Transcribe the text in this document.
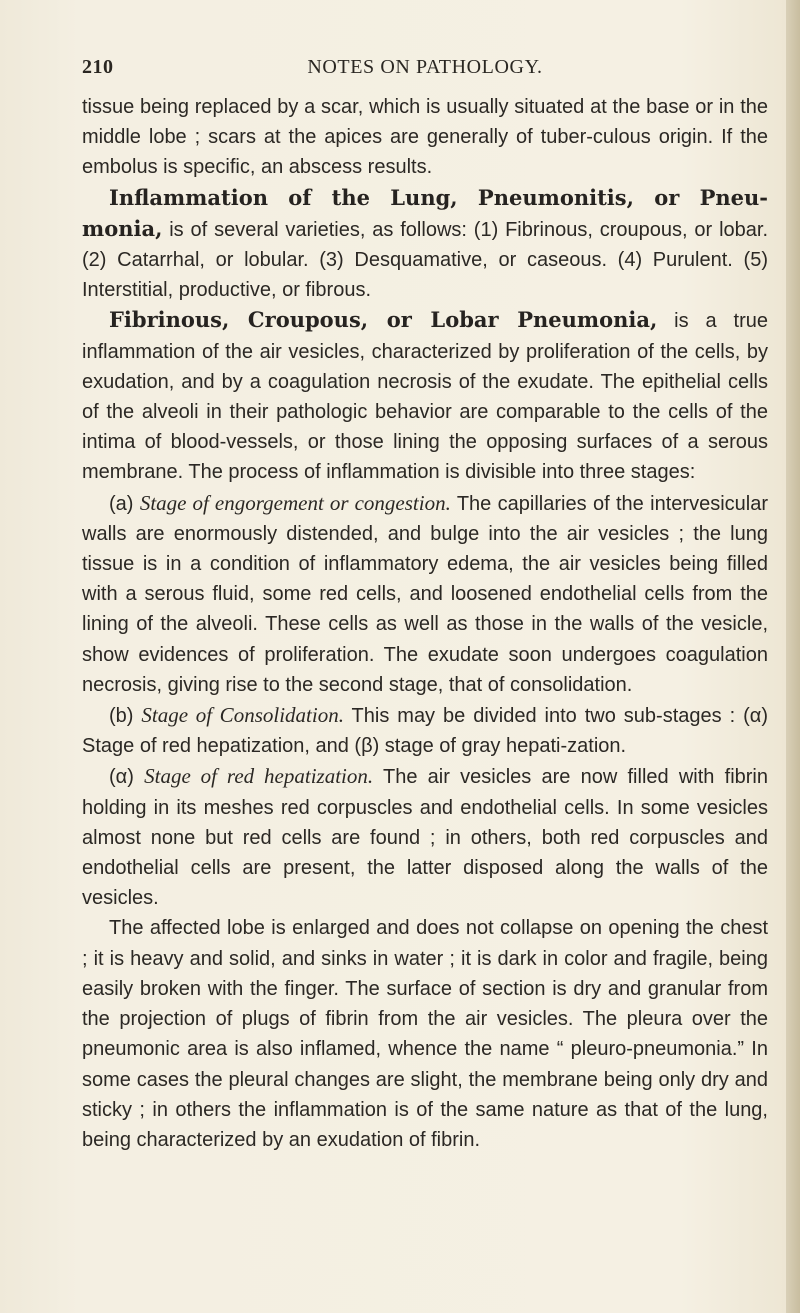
210	NOTES ON PATHOLOGY.

tissue being replaced by a scar, which is usually situated at the base or in the middle lobe ; scars at the apices are generally of tuber-culous origin. If the embolus is specific, an abscess results.

Inflammation of the Lung, Pneumonitis, or Pneu-monia, is of several varieties, as follows: (1) Fibrinous, croupous, or lobar. (2) Catarrhal, or lobular. (3) Desquamative, or caseous. (4) Purulent. (5) Interstitial, productive, or fibrous.

Fibrinous, Croupous, or Lobar Pneumonia, is a true inflammation of the air vesicles, characterized by proliferation of the cells, by exudation, and by a coagulation necrosis of the exudate. The epithelial cells of the alveoli in their pathologic behavior are comparable to the cells of the intima of blood-vessels, or those lining the opposing surfaces of a serous membrane. The process of inflammation is divisible into three stages:

(a) Stage of engorgement or congestion. The capillaries of the intervesicular walls are enormously distended, and bulge into the air vesicles ; the lung tissue is in a condition of inflammatory edema, the air vesicles being filled with a serous fluid, some red cells, and loosened endothelial cells from the lining of the alveoli. These cells as well as those in the walls of the vesicle, show evidences of proliferation. The exudate soon undergoes coagulation necrosis, giving rise to the second stage, that of consolidation.

(b) Stage of Consolidation. This may be divided into two sub-stages : (α) Stage of red hepatization, and (β) stage of gray hepati-zation.

(α) Stage of red hepatization. The air vesicles are now filled with fibrin holding in its meshes red corpuscles and endothelial cells. In some vesicles almost none but red cells are found ; in others, both red corpuscles and endothelial cells are present, the latter disposed along the walls of the vesicles.

The affected lobe is enlarged and does not collapse on opening the chest ; it is heavy and solid, and sinks in water ; it is dark in color and fragile, being easily broken with the finger. The surface of section is dry and granular from the projection of plugs of fibrin from the air vesicles. The pleura over the pneumonic area is also inflamed, whence the name “ pleuro-pneumonia.” In some cases the pleural changes are slight, the membrane being only dry and sticky ; in others the inflammation is of the same nature as that of the lung, being characterized by an exudation of fibrin.
